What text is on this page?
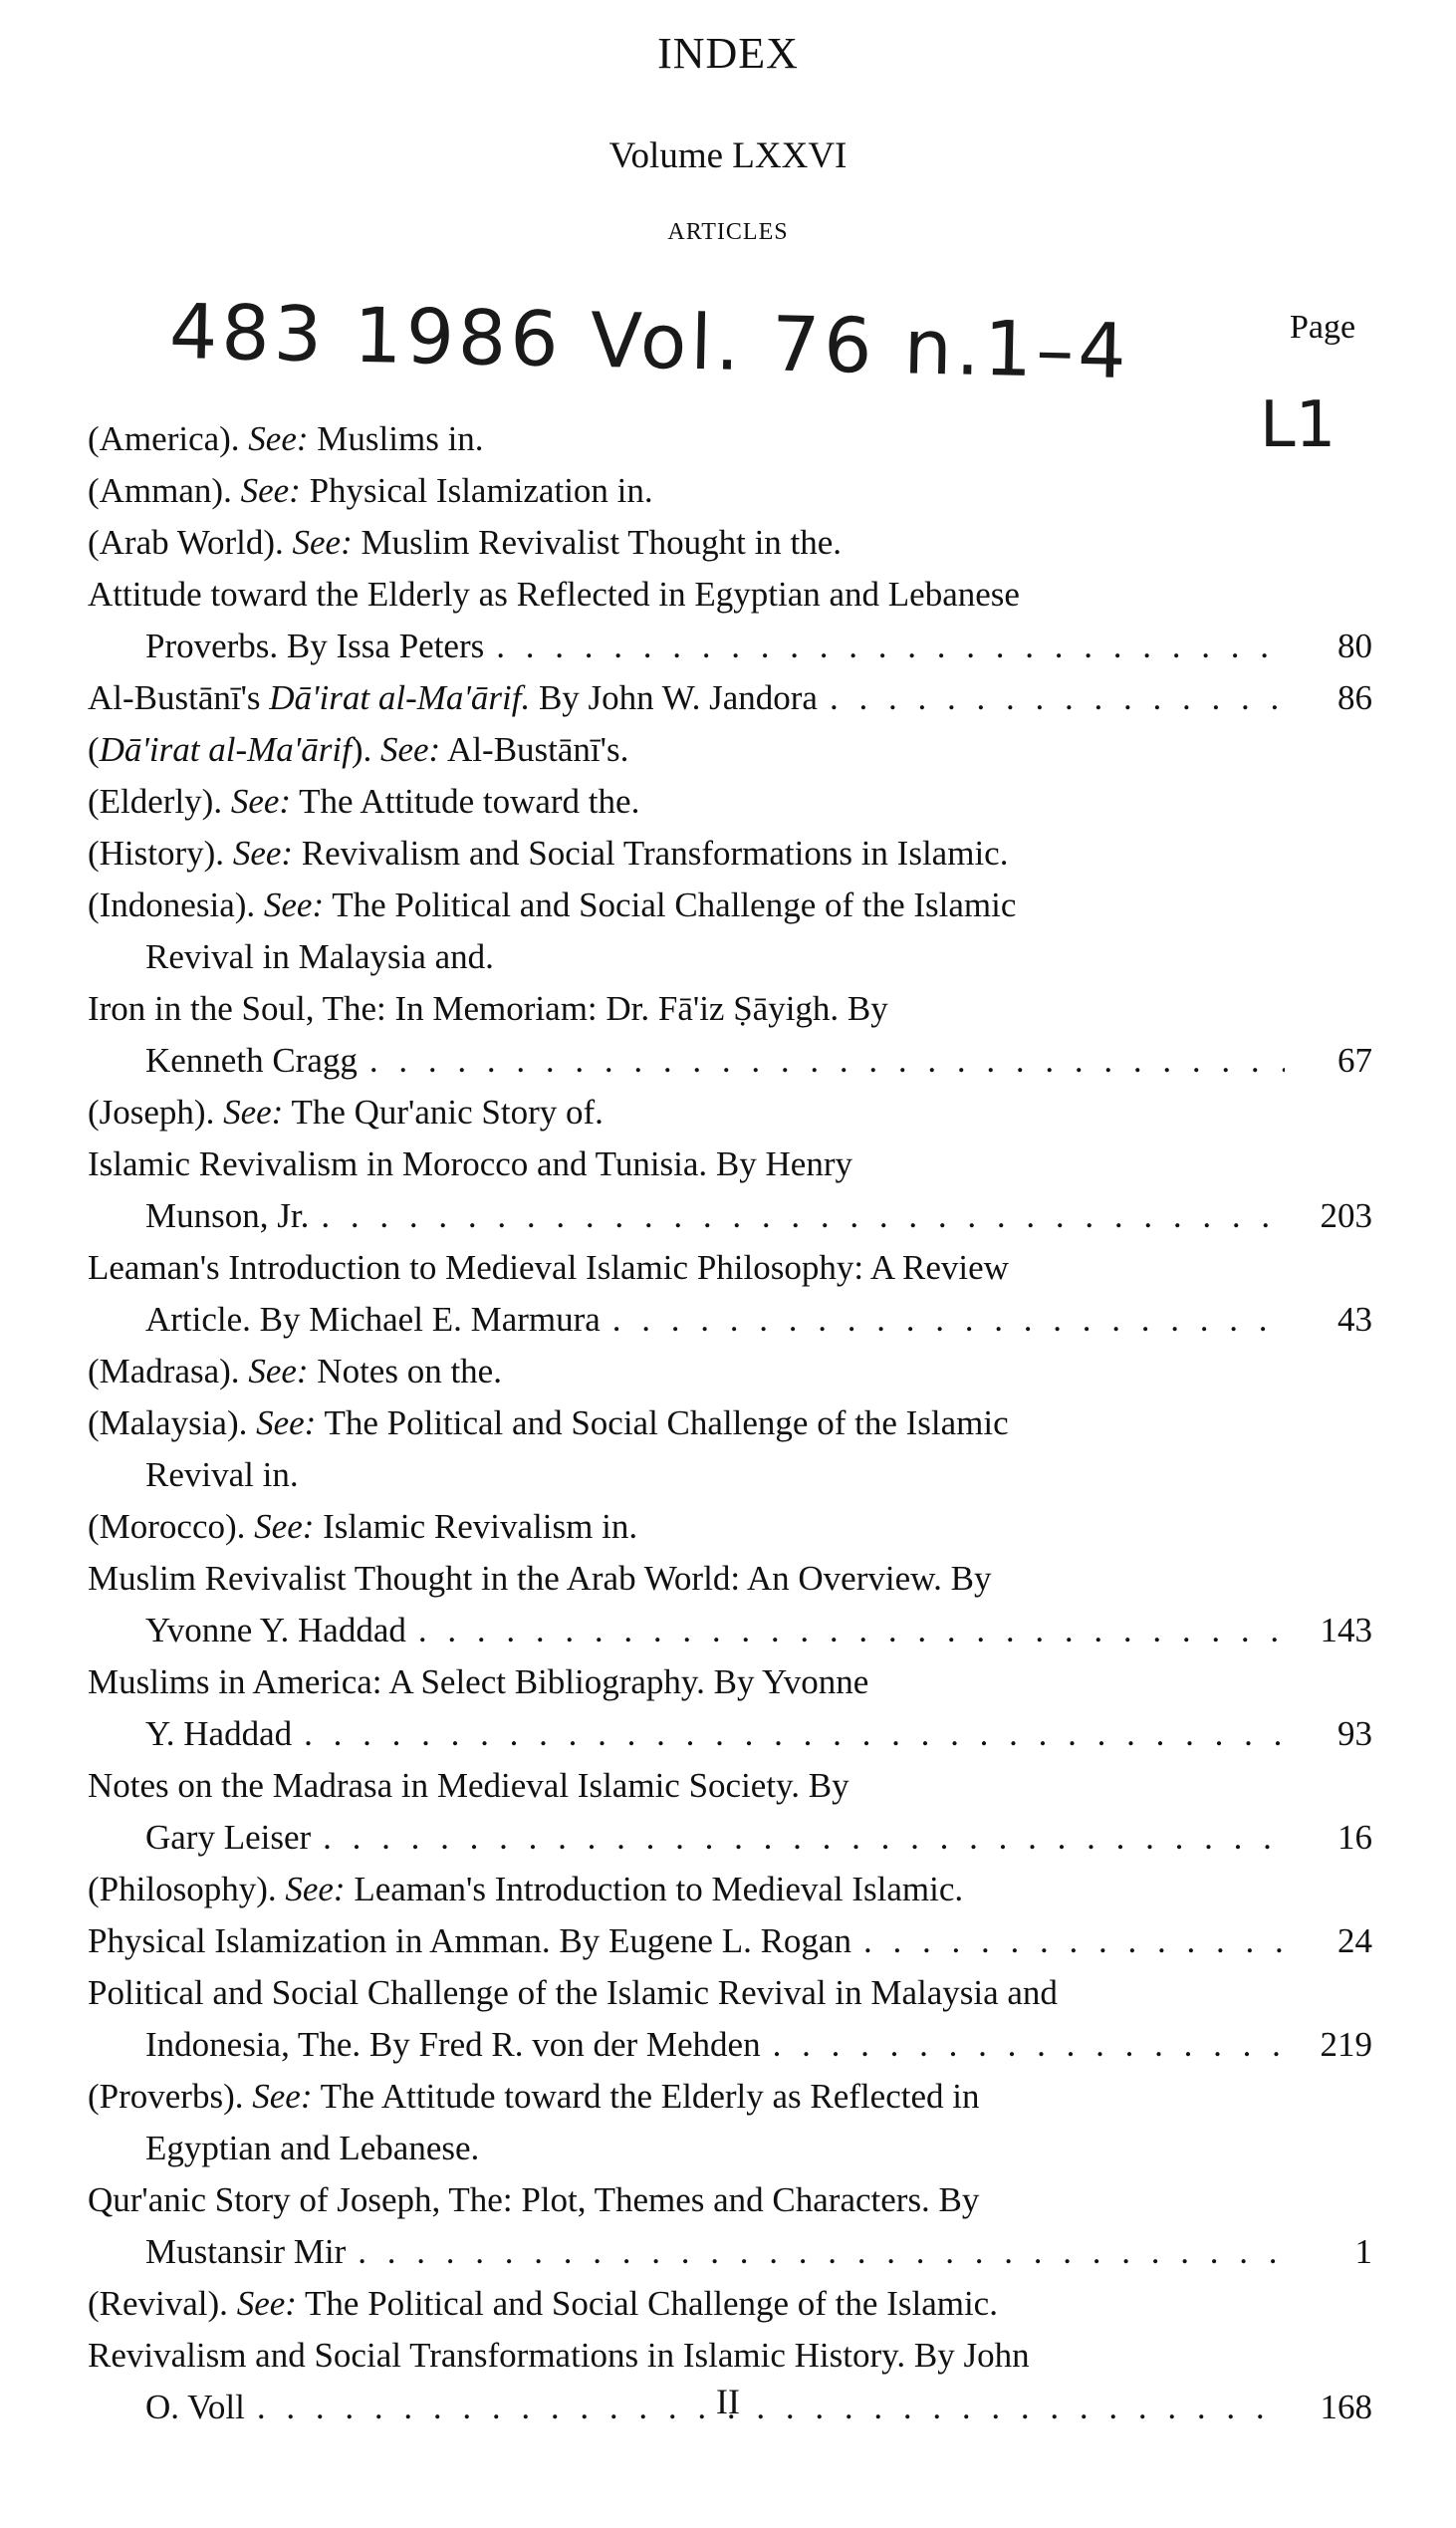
INDEX
Volume LXXVI
ARTICLES
483 1986 Vol. 76 n.1–4
L1
Page
(America). See: Muslims in.
(Amman). See: Physical Islamization in.
(Arab World). See: Muslim Revivalist Thought in the.
Attitude toward the Elderly as Reflected in Egyptian and Lebanese
Proverbs. By Issa Peters . . .	80
Al-Bustānī's Dā'irat al-Ma'ārif. By John W. Jandora . . .	86
(Dā'irat al-Ma'ārif). See: Al-Bustānī's.
(Elderly). See: The Attitude toward the.
(History). See: Revivalism and Social Transformations in Islamic.
(Indonesia). See: The Political and Social Challenge of the Islamic
Revival in Malaysia and.
Iron in the Soul, The: In Memoriam: Dr. Fā'iz Ṣāyigh. By
Kenneth Cragg . . .	67
(Joseph). See: The Qur'anic Story of.
Islamic Revivalism in Morocco and Tunisia. By Henry
Munson, Jr. . . .	203
Leaman's Introduction to Medieval Islamic Philosophy: A Review
Article. By Michael E. Marmura . . .	43
(Madrasa). See: Notes on the.
(Malaysia). See: The Political and Social Challenge of the Islamic
Revival in.
(Morocco). See: Islamic Revivalism in.
Muslim Revivalist Thought in the Arab World: An Overview. By
Yvonne Y. Haddad . . .	143
Muslims in America: A Select Bibliography. By Yvonne
Y. Haddad . . .	93
Notes on the Madrasa in Medieval Islamic Society. By
Gary Leiser . . .	16
(Philosophy). See: Leaman's Introduction to Medieval Islamic.
Physical Islamization in Amman. By Eugene L. Rogan . . .	24
Political and Social Challenge of the Islamic Revival in Malaysia and
Indonesia, The. By Fred R. von der Mehden . . .	219
(Proverbs). See: The Attitude toward the Elderly as Reflected in
Egyptian and Lebanese.
Qur'anic Story of Joseph, The: Plot, Themes and Characters. By
Mustansir Mir . . .	1
(Revival). See: The Political and Social Challenge of the Islamic.
Revivalism and Social Transformations in Islamic History. By John
O. Voll . . .	168
II
